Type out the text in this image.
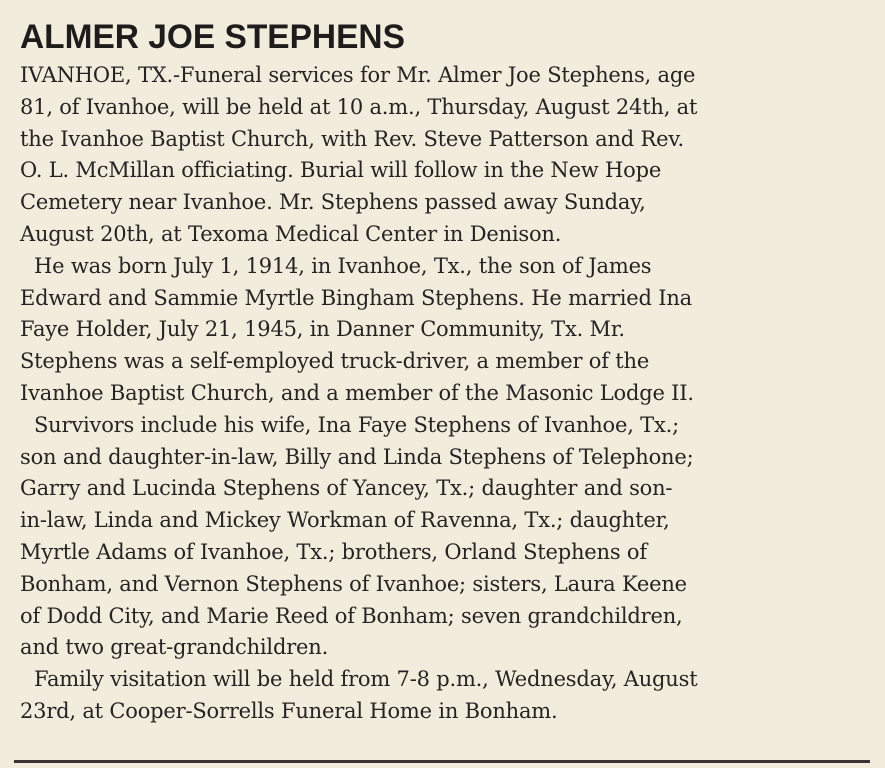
ALMER JOE STEPHENS
IVANHOE, TX.-Funeral services for Mr. Almer Joe Stephens, age
81, of Ivanhoe, will be held at 10 a.m., Thursday, August 24th, at
the Ivanhoe Baptist Church, with Rev. Steve Patterson and Rev.
O. L. McMillan officiating. Burial will follow in the New Hope
Cemetery near Ivanhoe. Mr. Stephens passed away Sunday,
August 20th, at Texoma Medical Center in Denison.
He was born July 1, 1914, in Ivanhoe, Tx., the son of James
Edward and Sammie Myrtle Bingham Stephens. He married Ina
Faye Holder, July 21, 1945, in Danner Community, Tx. Mr.
Stephens was a self-employed truck-driver, a member of the
Ivanhoe Baptist Church, and a member of the Masonic Lodge II.
Survivors include his wife, Ina Faye Stephens of Ivanhoe, Tx.;
son and daughter-in-law, Billy and Linda Stephens of Telephone;
Garry and Lucinda Stephens of Yancey, Tx.; daughter and son-
in-law, Linda and Mickey Workman of Ravenna, Tx.; daughter,
Myrtle Adams of Ivanhoe, Tx.; brothers, Orland Stephens of
Bonham, and Vernon Stephens of Ivanhoe; sisters, Laura Keene
of Dodd City, and Marie Reed of Bonham; seven grandchildren,
and two great-grandchildren.
Family visitation will be held from 7-8 p.m., Wednesday, August
23rd, at Cooper-Sorrells Funeral Home in Bonham.
